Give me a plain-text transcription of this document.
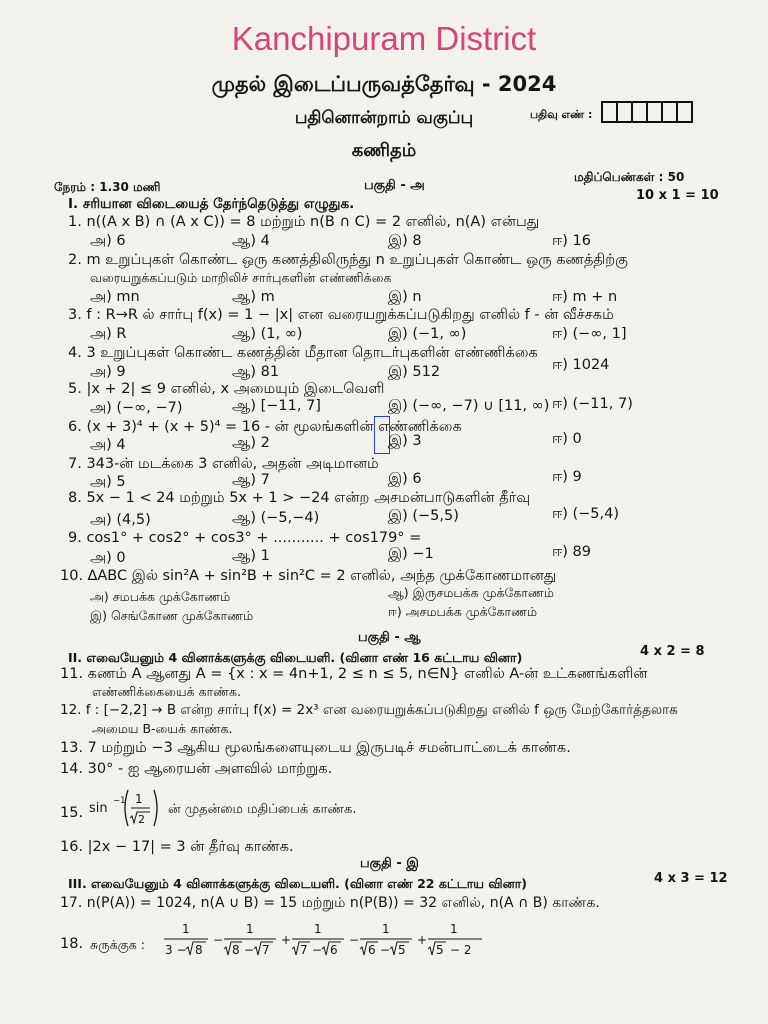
Kanchipuram District
முதல் இடைப்பருவத்தேர்வு - 2024
பதினொன்றாம் வகுப்பு	பதிவு எண் :
கணிதம்
நேரம் : 1.30 மணி	பகுதி - அ
மதிப்பெண்கள் : 50
10 x 1 = 10
I. சரியான விடையைத் தேர்ந்தெடுத்து எழுதுக.
1. n((A x B) ∩ (A x C)) = 8 மற்றும் n(B ∩ C) = 2 எனில், n(A) என்பது
அ) 6	ஆ) 4	இ) 8	ஈ) 16
2. m உறுப்புகள் கொண்ட ஒரு கணத்திலிருந்து n உறுப்புகள் கொண்ட ஒரு கணத்திற்கு
வரையறுக்கப்படும் மாறிலிச் சார்புகளின் எண்ணிக்கை
அ) mn	ஆ) m	இ) n	ஈ) m + n
3. f : R→R ல் சார்பு f(x) = 1 − |x| என வரையறுக்கப்படுகிறது எனில் f - ன் வீச்சகம்
அ) R	ஆ) (1, ∞)	இ) (−1, ∞)	ஈ) (−∞, 1]
4. 3 உறுப்புகள் கொண்ட கணத்தின் மீதான தொடர்புகளின் எண்ணிக்கை
அ) 9	ஆ) 81	இ) 512	ஈ) 1024
5. |x + 2| ≤ 9 எனில், x அமையும் இடைவெளி
அ) (−∞, −7)	ஆ) [−11, 7]	இ) (−∞, −7) ∪ [11, ∞) ஈ) (−11, 7)
6. (x + 3)⁴ + (x + 5)⁴ = 16 - ன் மூலங்களின் எண்ணிக்கை
அ) 4	ஆ) 2	இ) 3	ஈ) 0
7. 343-ன் மடக்கை 3 எனில், அதன் அடிமானம்
அ) 5	ஆ) 7	இ) 6	ஈ) 9
8. 5x − 1 < 24 மற்றும் 5x + 1 > −24 என்ற அசமன்பாடுகளின் தீர்வு
அ) (4,5)	ஆ) (−5,−4)	இ) (−5,5)	ஈ) (−5,4)
9. cos1° + cos2° + cos3° + ........... + cos179° =
அ) 0	ஆ) 1	இ) −1	ஈ) 89
10. ∆ABC இல் sin²A + sin²B + sin²C = 2 எனில், அந்த முக்கோணமானது
அ) சமபக்க முக்கோணம்	ஆ) இருசமபக்க முக்கோணம்
இ) செங்கோண முக்கோணம்	ஈ) அசமபக்க முக்கோணம்
பகுதி - ஆ
II. எவையேனும் 4 வினாக்களுக்கு விடையளி. (வினா எண் 16 கட்டாய வினா)	4 x 2 = 8
11. கணம் A ஆனது A = {x : x = 4n+1, 2 ≤ n ≤ 5, n∈N} எனில் A-ன் உட்கணங்களின்
எண்ணிக்கையைக் காண்க.
12. f : [−2,2] → B என்ற சார்பு f(x) = 2x³ என வரையறுக்கப்படுகிறது எனில் f ஒரு மேற்கோர்த்தலாக
அமைய B-யைக் காண்க.
13. 7 மற்றும் −3 ஆகிய மூலங்களையுடைய இருபடிச் சமன்பாட்டைக் காண்க.
14. 30° - ஐ ஆரையன் அளவில் மாற்றுக.
15. sin −1 1
2
ன் முதன்மை மதிப்பைக் காண்க.
16. |2x − 17| = 3 ன் தீர்வு காண்க.
பகுதி - இ
III. எவையேனும் 4 வினாக்களுக்கு விடையளி. (வினா எண் 22 கட்டாய வினா)	4 x 3 = 12
17. n(P(A)) = 1024, n(A ∪ B) = 15 மற்றும் n(P(B)) = 32 எனில், n(A ∩ B) காண்க.
18. சுருக்குக :
1
3 − 8
−
1
8 − 7
+
1
7 − 6
−
1
6 − 5
+
1
5 − 2
